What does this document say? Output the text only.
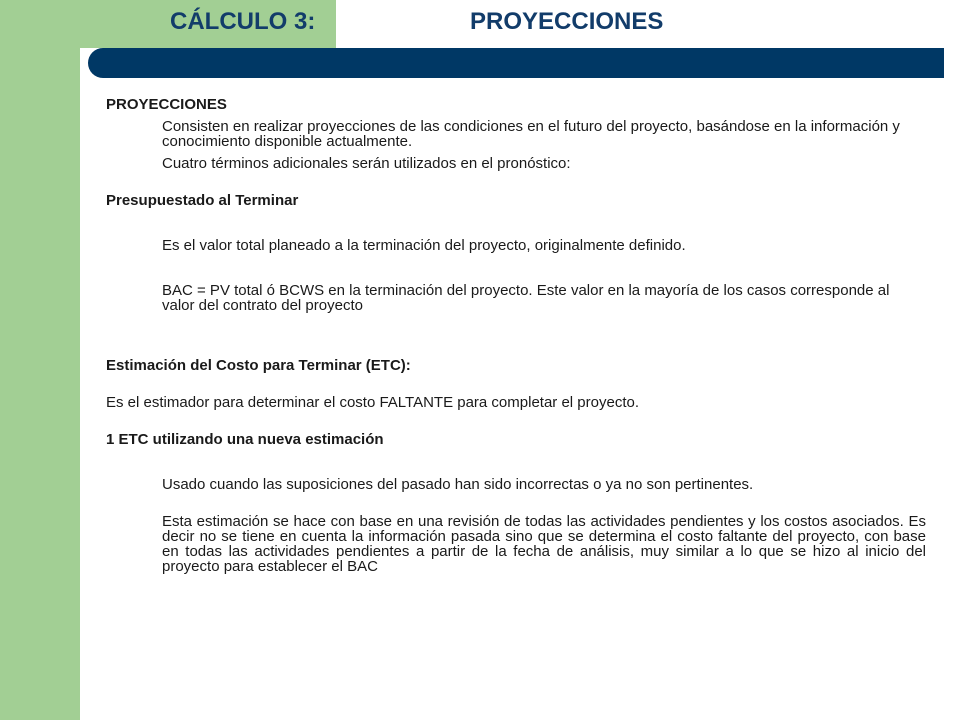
CÁLCULO 3:	PROYECCIONES

PROYECCIONES

Consisten en realizar proyecciones de las condiciones en el futuro del proyecto, basándose en la información y conocimiento disponible actualmente.

Cuatro términos adicionales serán utilizados en el pronóstico:

Presupuestado al Terminar

Es el valor total planeado a la terminación del proyecto, originalmente definido.

BAC = PV total ó BCWS en la terminación del proyecto. Este valor en la mayoría de los casos corresponde al valor del contrato del proyecto

Estimación del Costo para Terminar (ETC):

Es el estimador para determinar el costo FALTANTE para completar el proyecto.

1 ETC utilizando una nueva estimación

Usado cuando las suposiciones del pasado han sido incorrectas o ya no son pertinentes.

Esta estimación se hace con base en una revisión de todas las actividades pendientes y los costos asociados. Es decir no se tiene en cuenta la información pasada sino que se determina el costo faltante del proyecto, con base en todas las actividades pendientes a partir de la fecha de análisis, muy similar a lo que se hizo al inicio del proyecto para establecer el BAC
